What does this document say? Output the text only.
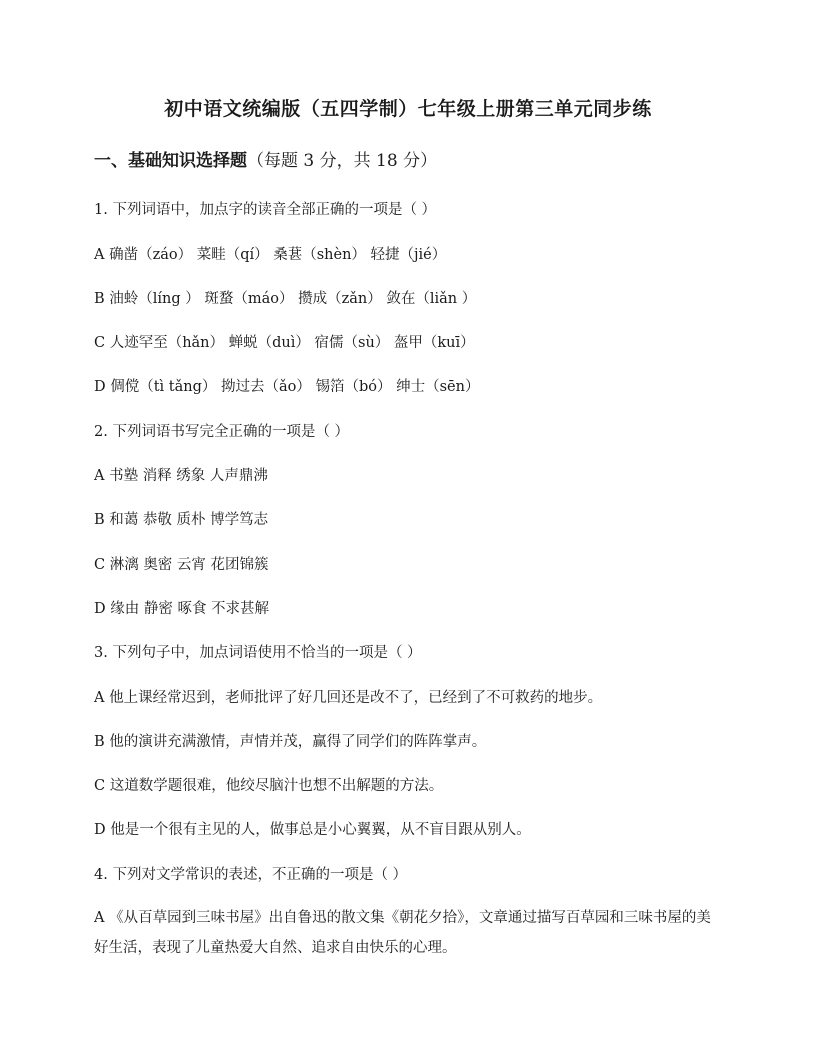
初中语文统编版（五四学制）七年级上册第三单元同步练
一、基础知识选择题（每题 3 分，共 18 分）
1. 下列词语中，加点字的读音全部正确的一项是（ ）
A 确凿（záo） 菜畦（qí） 桑葚（shèn） 轻捷（jié）
B 油蛉（líng ） 斑蝥（máo） 攒成（zǎn） 敛在（liǎn ）
C 人迹罕至（hǎn） 蝉蜕（duì） 宿儒（sù） 盔甲（kuī）
D 倜傥（tì tǎng） 拗过去（ǎo） 锡箔（bó） 绅士（sēn）
2. 下列词语书写完全正确的一项是（ ）
A 书塾 消释 绣象 人声鼎沸
B 和蔼 恭敬 质朴 博学笃志
C 淋漓 奥密 云宵 花团锦簇
D 缘由 静密 啄食 不求甚解
3. 下列句子中，加点词语使用不恰当的一项是（ ）
A 他上课经常迟到，老师批评了好几回还是改不了，已经到了不可救药的地步。
B 他的演讲充满激情，声情并茂，赢得了同学们的阵阵掌声。
C 这道数学题很难，他绞尽脑汁也想不出解题的方法。
D 他是一个很有主见的人，做事总是小心翼翼，从不盲目跟从别人。
4. 下列对文学常识的表述，不正确的一项是（ ）
A 《从百草园到三味书屋》出自鲁迅的散文集《朝花夕拾》，文章通过描写百草园和三味书屋的美好生活，表现了儿童热爱大自然、追求自由快乐的心理。
